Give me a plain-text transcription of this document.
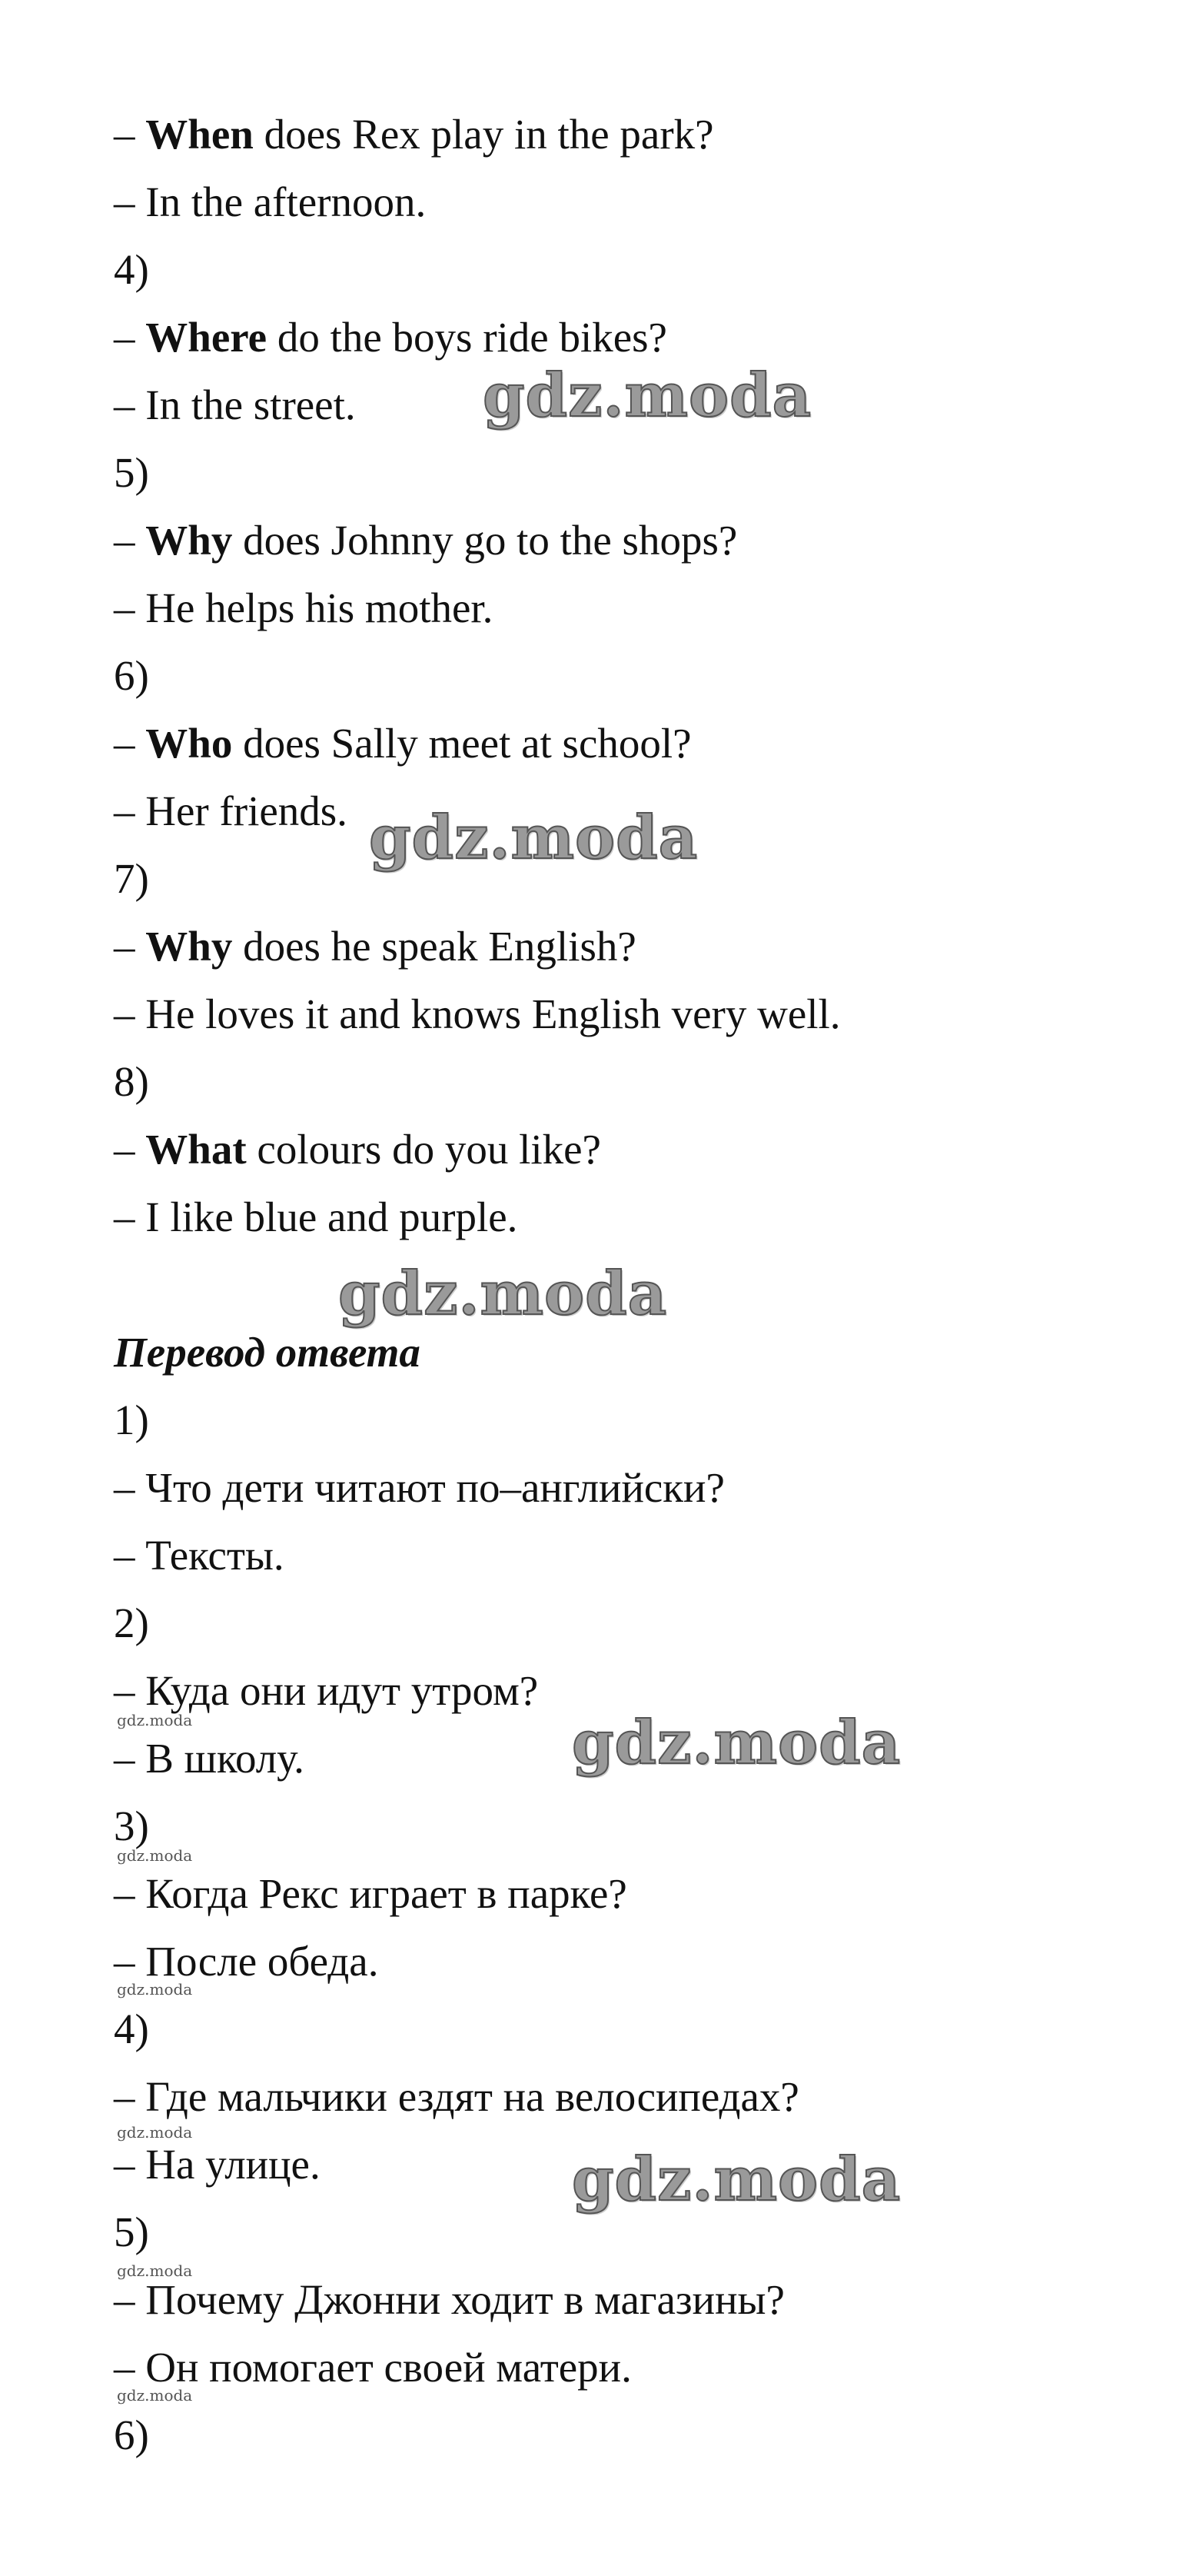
– When does Rex play in the park?
– In the afternoon.
4)
– Where do the boys ride bikes?
– In the street.
5)
– Why does Johnny go to the shops?
– He helps his mother.
6)
– Who does Sally meet at school?
– Her friends.
7)
– Why does he speak English?
– He loves it and knows English very well.
8)
– What colours do you like?
– I like blue and purple.
Перевод ответа
1)
– Что дети читают по–английски?
– Тексты.
2)
– Куда они идут утром?
– В школу.
3)
– Когда Рекс играет в парке?
– После обеда.
4)
– Где мальчики ездят на велосипедах?
– На улице.
5)
– Почему Джонни ходит в магазины?
– Он помогает своей матери.
6)
gdz.moda
gdz.moda
gdz.moda
gdz.moda
gdz.moda
gdz.moda
gdz.moda
gdz.moda
gdz.moda
gdz.moda
gdz.moda
